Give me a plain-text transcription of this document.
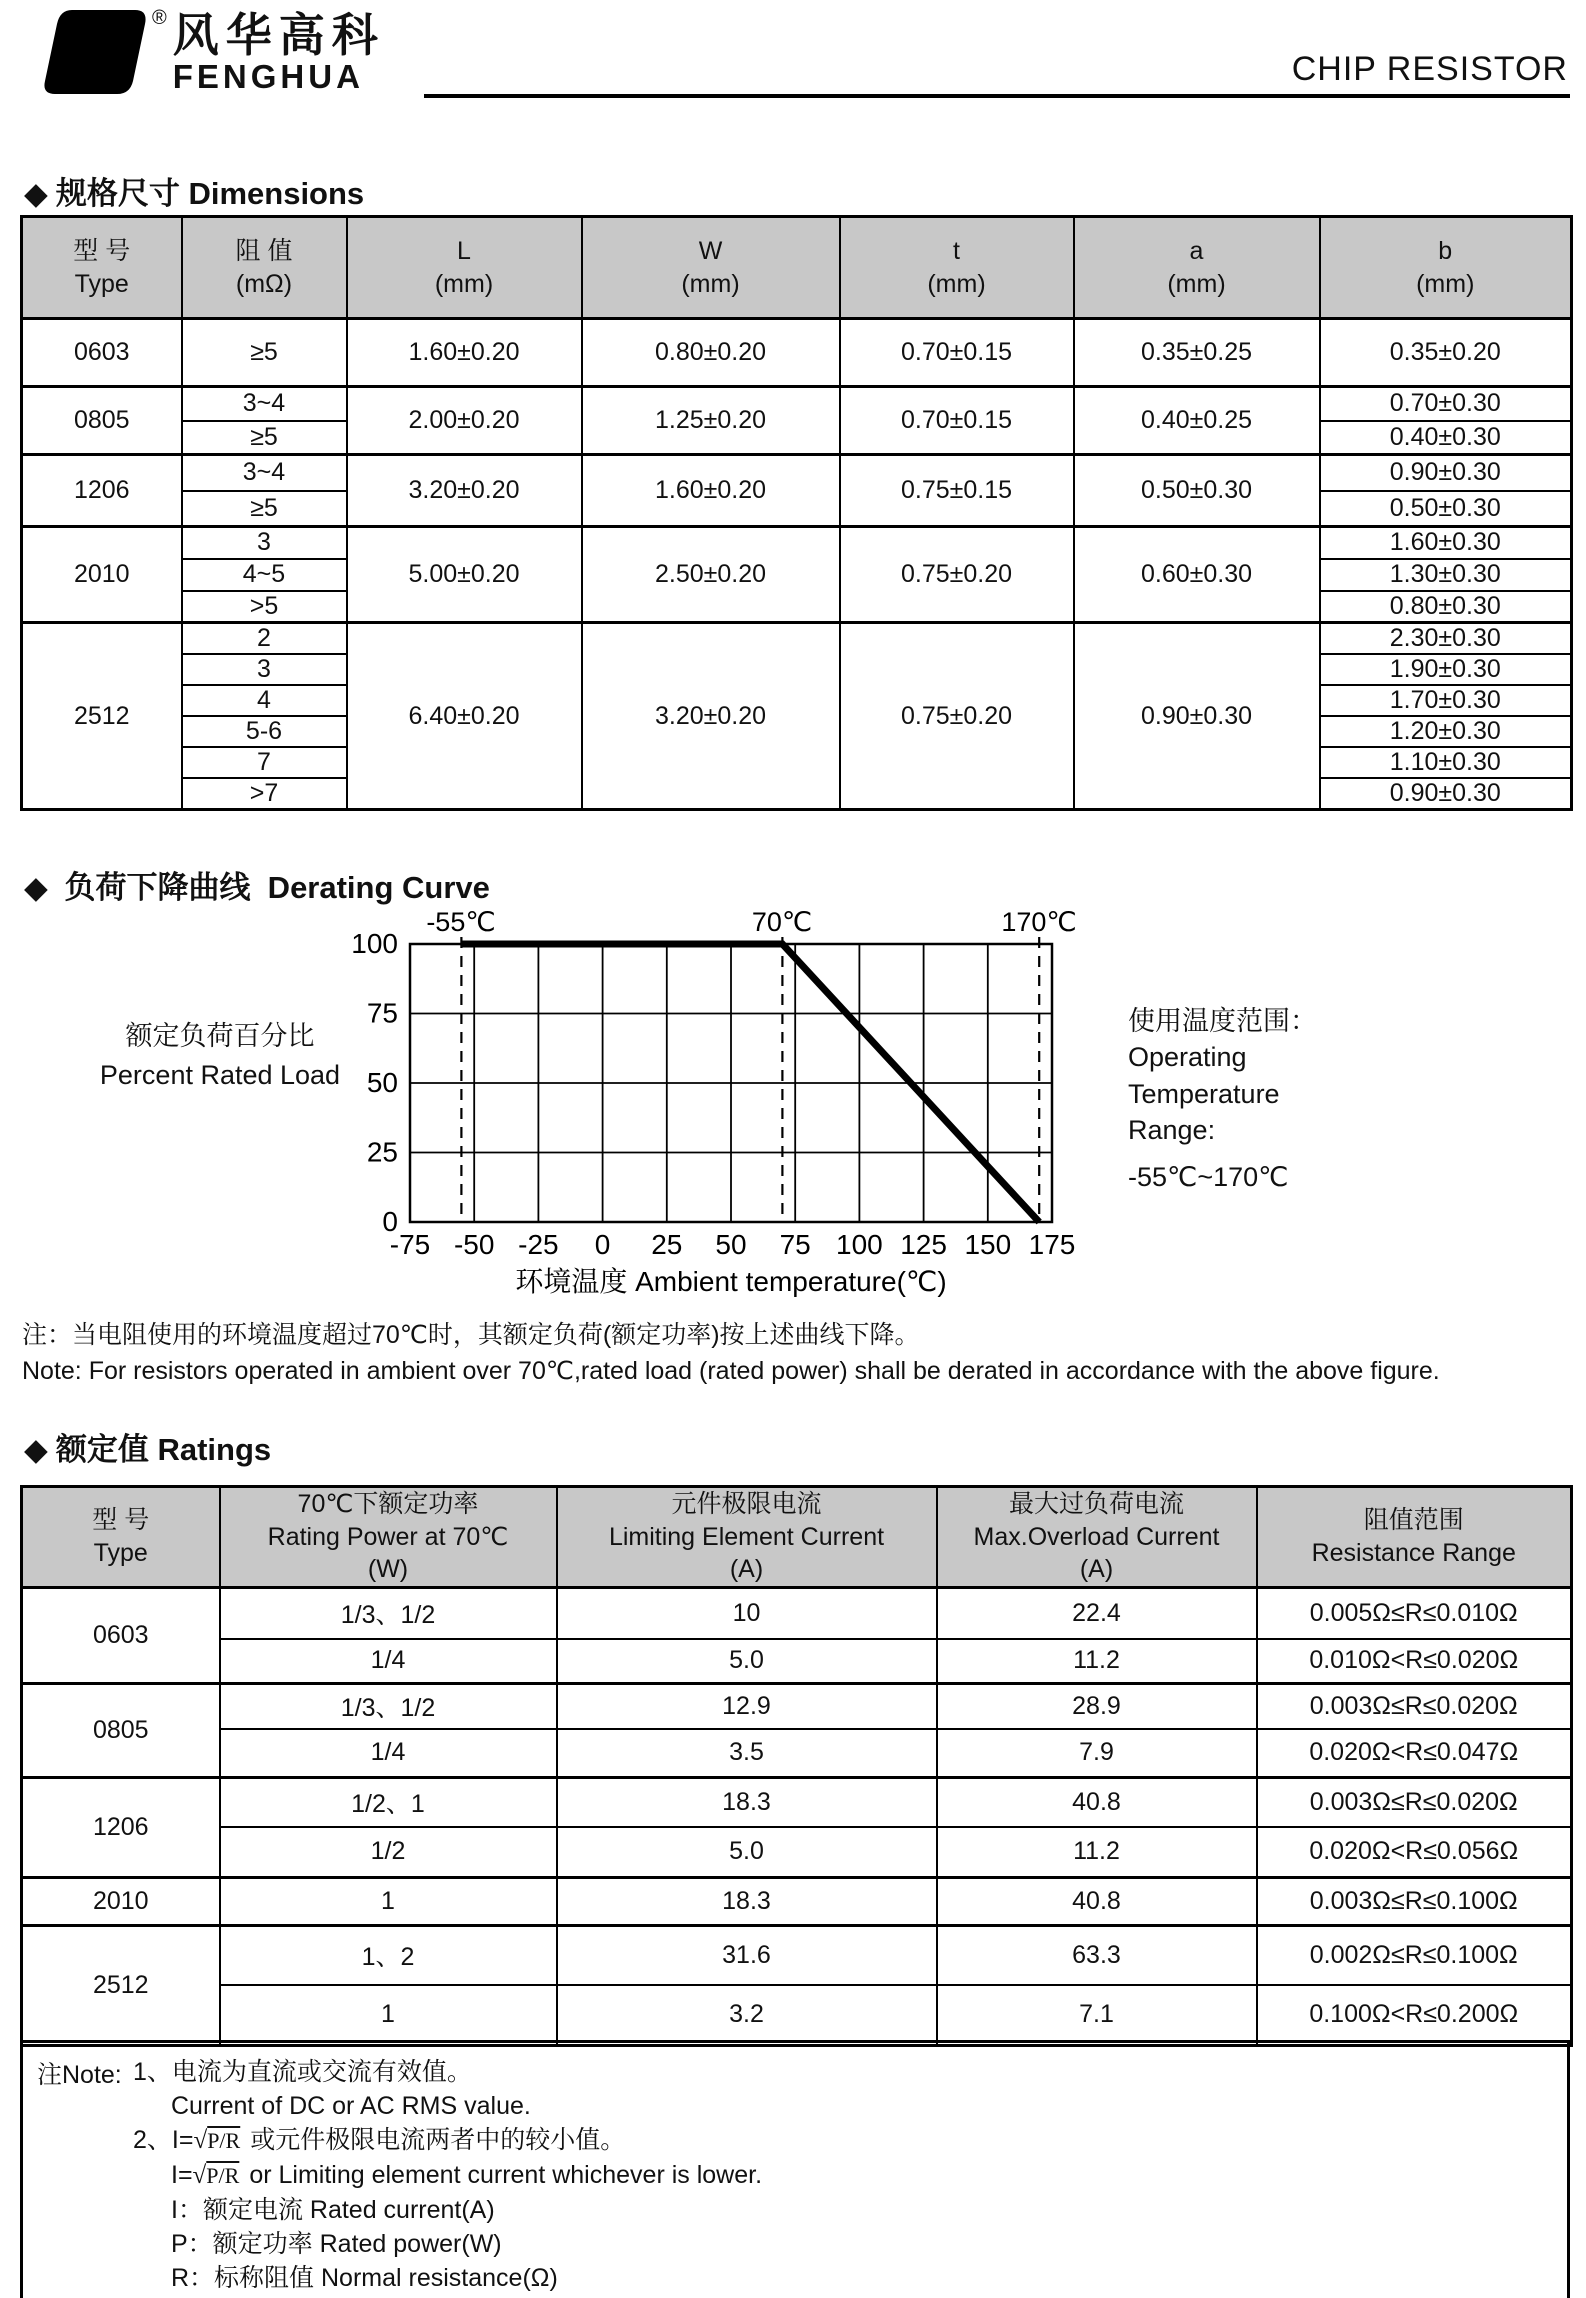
FH
® 风华高科
FENGHUA	CHIP RESISTOR
◆ 规格尺寸 Dimensions
型 号
Type

阻 值
(mΩ)

L
(mm)

W
(mm)

t
(mm)

a
(mm)

b
(mm)

0603	≥5	1.60±0.20	0.80±0.20	0.70±0.15	0.35±0.25	0.35±0.20
0805	3~4	2.00±0.20	1.25±0.20	0.70±0.15	0.40±0.25	0.70±0.30
	≥5					0.40±0.30
1206	3~4	3.20±0.20	1.60±0.20	0.75±0.15	0.50±0.30	0.90±0.30
	≥5					0.50±0.30
2010	3	5.00±0.20	2.50±0.20	0.75±0.20	0.60±0.30	1.60±0.30
	4~5					1.30±0.30
	>5					0.80±0.30
2512	2	6.40±0.20	3.20±0.20	0.75±0.20	0.90±0.30	2.30±0.30
	3					1.90±0.30
	4					1.70±0.30
	5-6					1.20±0.30
	7					1.10±0.30
	>7					0.90±0.30
◆ 负荷下降曲线  Derating Curve
额定负荷百分比
Percent Rated Load
-55℃	70℃	170℃
100
75
50
25
0
-75 -50 -25 0 25 50 75 100 125 150 175
环境温度 Ambient temperature(℃)
使用温度范围：
Operating
Temperature
Range:
-55℃~170℃
注：当电阻使用的环境温度超过70℃时，其额定负荷(额定功率)按上述曲线下降。
Note: For resistors operated in ambient over 70℃,rated load (rated power) shall be derated in accordance with the above figure.
◆ 额定值 Ratings
型 号
Type

70℃下额定功率
Rating Power at 70℃
(W)

元件极限电流
Limiting Element Current
(A)

最大过负荷电流
Max.Overload Current
(A)

阻值范围
Resistance Range

0603	1/3、1/2	10	22.4	0.005Ω≤R≤0.010Ω
	1/4	5.0	11.2	0.010Ω<R≤0.020Ω
0805	1/3、1/2	12.9	28.9	0.003Ω≤R≤0.020Ω
	1/4	3.5	7.9	0.020Ω<R≤0.047Ω
1206	1/2、1	18.3	40.8	0.003Ω≤R≤0.020Ω
	1/2	5.0	11.2	0.020Ω<R≤0.056Ω
2010	1	18.3	40.8	0.003Ω≤R≤0.100Ω
2512	1、2	31.6	63.3	0.002Ω≤R≤0.100Ω
	1	3.2	7.1	0.100Ω<R≤0.200Ω
注Note: 1、电流为直流或交流有效值。
Current of DC or AC RMS value.
2、I=√P/R 或元件极限电流两者中的较小值。
I=√P/R or Limiting element current whichever is lower.
I：额定电流 Rated current(A)
P：额定功率 Rated power(W)
R：标称阻值 Normal resistance(Ω)
